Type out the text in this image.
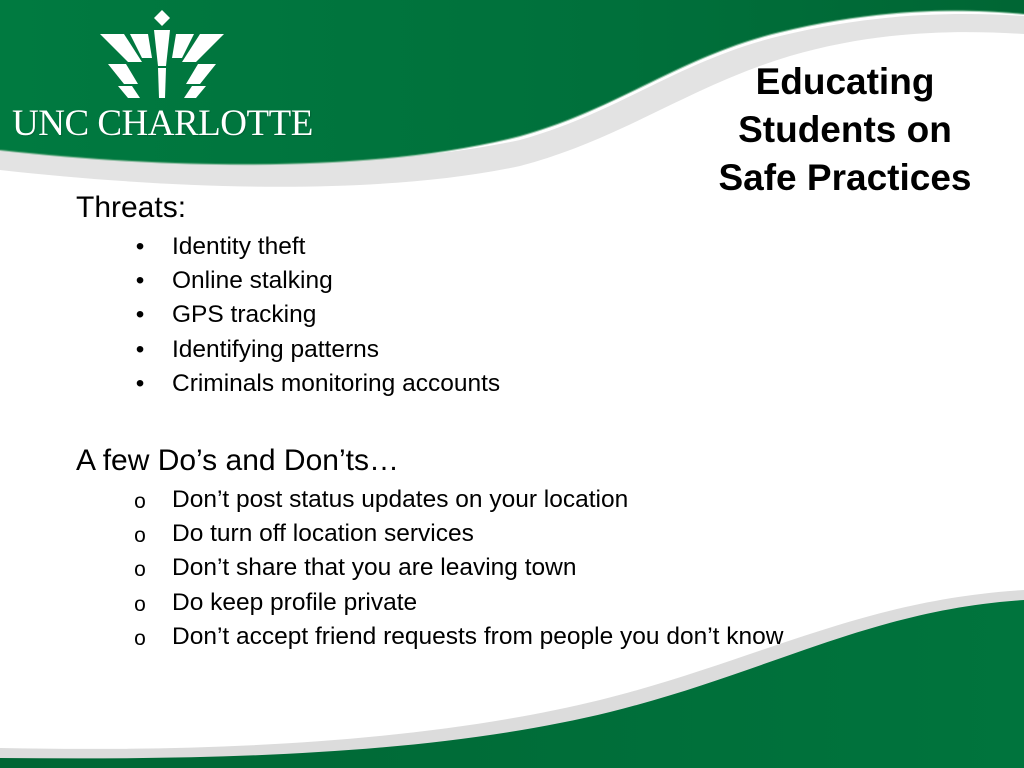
UNC CHARLOTTE
Educating
Students on
Safe Practices

Threats:

• Identity theft
• Online stalking
• GPS tracking
• Identifying patterns
• Criminals monitoring accounts

A few Do’s and Don’ts…

o Don’t post status updates on your location
o Do turn off location services
o Don’t share that you are leaving town
o Do keep profile private
o Don’t accept friend requests from people you don’t know
